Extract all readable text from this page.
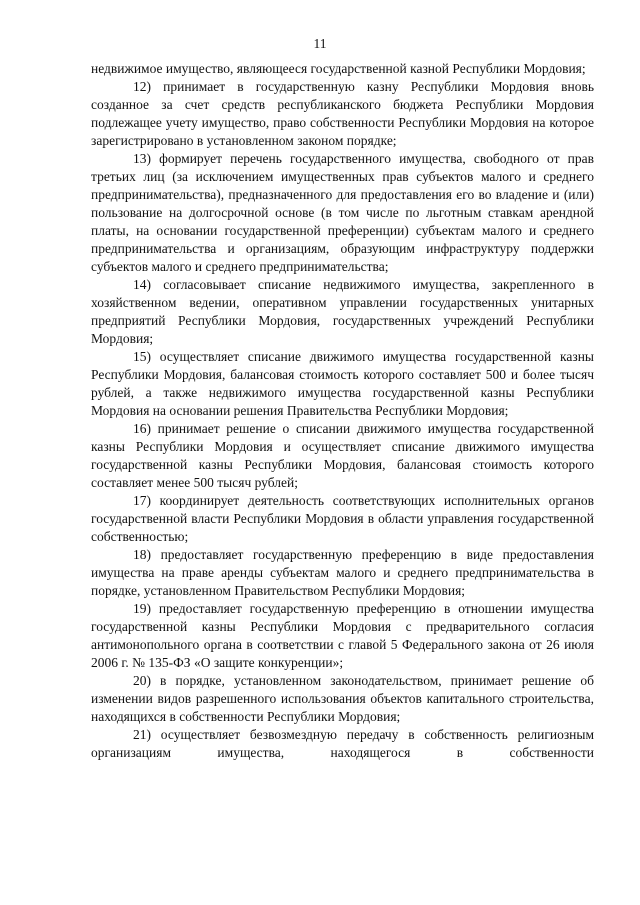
11

недвижимое имущество, являющееся государственной казной Республики Мордовия;

12) принимает в государственную казну Республики Мордовия вновь созданное за счет средств республиканского бюджета Республики Мордовия подлежащее учету имущество, право собственности Республики Мордовия на которое зарегистрировано в установленном законом порядке;

13) формирует перечень государственного имущества, свободного от прав третьих лиц (за исключением имущественных прав субъектов малого и среднего предпринимательства), предназначенного для предоставления его во владение и (или) пользование на долгосрочной основе (в том числе по льготным ставкам арендной платы, на основании государственной преференции) субъектам малого и среднего предпринимательства и организациям, образующим инфраструктуру поддержки субъектов малого и среднего предпринимательства;

14) согласовывает списание недвижимого имущества, закрепленного в хозяйственном ведении, оперативном управлении государственных унитарных предприятий Республики Мордовия, государственных учреждений Республики Мордовия;

15) осуществляет списание движимого имущества государственной казны Республики Мордовия, балансовая стоимость которого составляет 500 и более тысяч рублей, а также недвижимого имущества государственной казны Республики Мордовия на основании решения Правительства Республики Мордовия;

16) принимает решение о списании движимого имущества государственной казны Республики Мордовия и осуществляет списание движимого имущества государственной казны Республики Мордовия, балансовая стоимость которого составляет менее 500 тысяч рублей;

17) координирует деятельность соответствующих исполнительных органов государственной власти Республики Мордовия в области управления государственной собственностью;

18) предоставляет государственную преференцию в виде предоставления имущества на праве аренды субъектам малого и среднего предпринимательства в порядке, установленном Правительством Республики Мордовия;

19) предоставляет государственную преференцию в отношении имущества государственной казны Республики Мордовия с предварительного согласия антимонопольного органа в соответствии с главой 5 Федерального закона от 26 июля 2006 г. № 135-ФЗ «О защите конкуренции»;

20) в порядке, установленном законодательством, принимает решение об изменении видов разрешенного использования объектов капитального строительства, находящихся в собственности Республики Мордовия;

21) осуществляет безвозмездную передачу в собственность религиозным организациям имущества, находящегося в собственности
